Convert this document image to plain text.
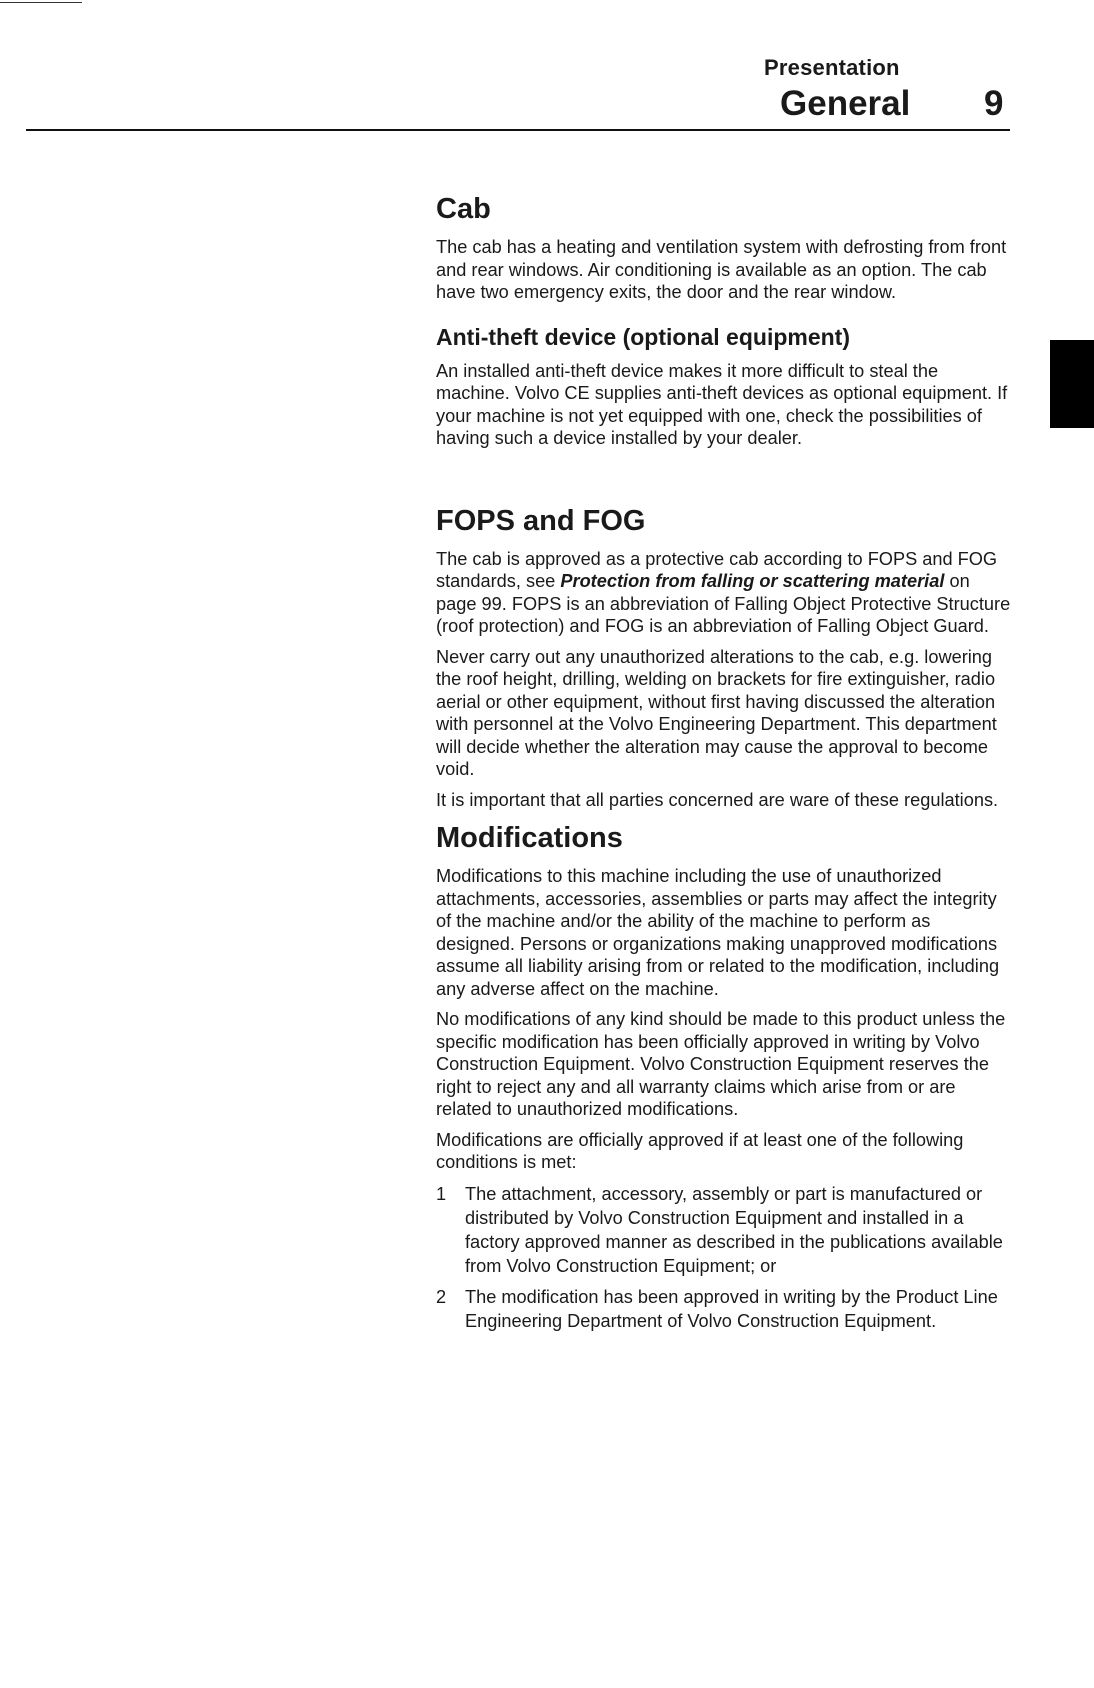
Presentation
General 9
Cab

The cab has a heating and ventilation system with defrosting from front and rear windows. Air conditioning is available as an option. The cab have two emergency exits, the door and the rear window.

Anti-theft device (optional equipment)

An installed anti-theft device makes it more difficult to steal the machine. Volvo CE supplies anti-theft devices as optional equipment. If your machine is not yet equipped with one, check the possibilities of having such a device installed by your dealer.

FOPS and FOG

The cab is approved as a protective cab according to FOPS and FOG standards, see Protection from falling or scattering material on page 99. FOPS is an abbreviation of Falling Object Protective Structure (roof protection) and FOG is an abbreviation of Falling Object Guard.

Never carry out any unauthorized alterations to the cab, e.g. lowering the roof height, drilling, welding on brackets for fire extinguisher, radio aerial or other equipment, without first having discussed the alteration with personnel at the Volvo Engineering Department. This department will decide whether the alteration may cause the approval to become void.

It is important that all parties concerned are ware of these regulations.

Modifications

Modifications to this machine including the use of unauthorized attachments, accessories, assemblies or parts may affect the integrity of the machine and/or the ability of the machine to perform as designed. Persons or organizations making unapproved modifications assume all liability arising from or related to the modification, including any adverse affect on the machine.

No modifications of any kind should be made to this product unless the specific modification has been officially approved in writing by Volvo Construction Equipment. Volvo Construction Equipment reserves the right to reject any and all warranty claims which arise from or are related to unauthorized modifications.

Modifications are officially approved if at least one of the following conditions is met:

1	The attachment, accessory, assembly or part is manufactured or distributed by Volvo Construction Equipment and installed in a factory approved manner as described in the publications available from Volvo Construction Equipment; or
2	The modification has been approved in writing by the Product Line Engineering Department of Volvo Construction Equipment.
